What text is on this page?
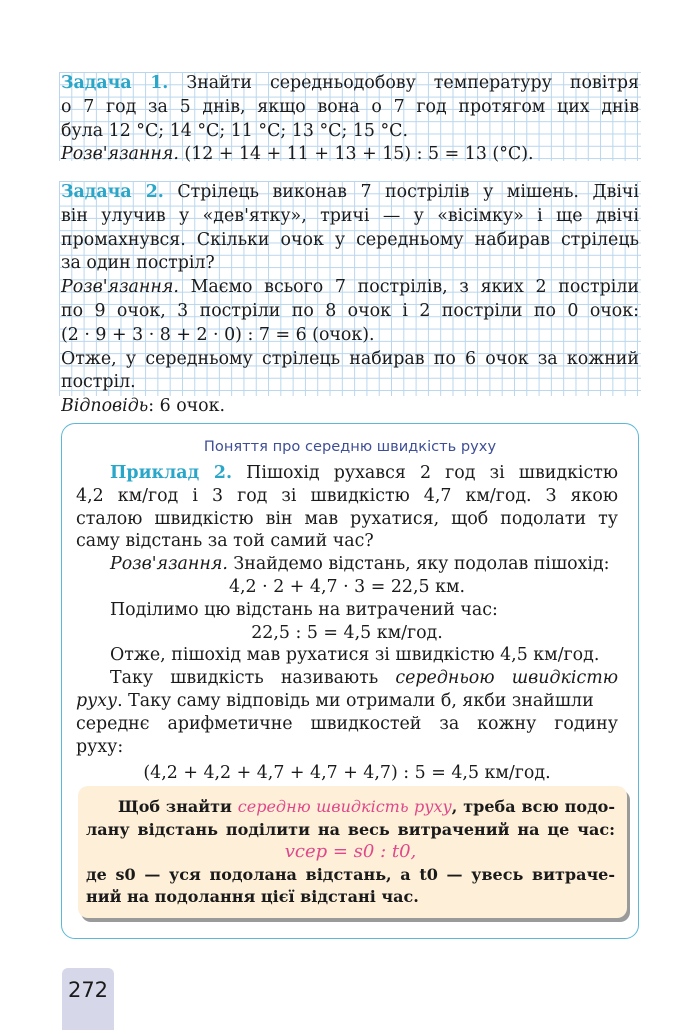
Задача 1. Знайти середньодобову температуру повітря
о 7 год за 5 днів, якщо вона о 7 год протягом цих днів
була 12 °С; 14 °С; 11 °С; 13 °С; 15 °С.
Розв'язання. (12 + 14 + 11 + 13 + 15) : 5 = 13 (°С).
Задача 2. Стрілець виконав 7 пострілів у мішень. Двічі
він улучив у «дев'ятку», тричі — у «вісімку» і ще двічі
промахнувся. Скільки очок у середньому набирав стрілець
за один постріл?
Розв'язання. Маємо всього 7 пострілів, з яких 2 постріли
по 9 очок, 3 постріли по 8 очок і 2 постріли по 0 очок:
(2 · 9 + 3 · 8 + 2 · 0) : 7 = 6 (очок).
Отже, у середньому стрілець набирав по 6 очок за кожний
постріл.
Відповідь: 6 очок.
Поняття про середню швидкість руху
Приклад 2. Пішохід рухався 2 год зі швидкістю
4,2 км/год і 3 год зі швидкістю 4,7 км/год. З якою
сталою швидкістю він мав рухатися, щоб подолати ту
саму відстань за той самий час?
Розв'язання. Знайдемо відстань, яку подолав пішохід:
4,2 · 2 + 4,7 · 3 = 22,5 км.
Поділимо цю відстань на витрачений час:
22,5 : 5 = 4,5 км/год.
Отже, пішохід мав рухатися зі швидкістю 4,5 км/год.
Таку швидкість називають середньою швидкістю
руху. Таку саму відповідь ми отримали б, якби знайшли
середнє арифметичне швидкостей за кожну годину
руху:
(4,2 + 4,2 + 4,7 + 4,7 + 4,7) : 5 = 4,5 км/год.
Щоб знайти середню швидкість руху, треба всю подо-
лану відстань поділити на весь витрачений на це час:
vсер = s0 : t0,
де s0 — уся подолана відстань, а t0 — увесь витраче-
ний на подолання цієї відстані час.
272
